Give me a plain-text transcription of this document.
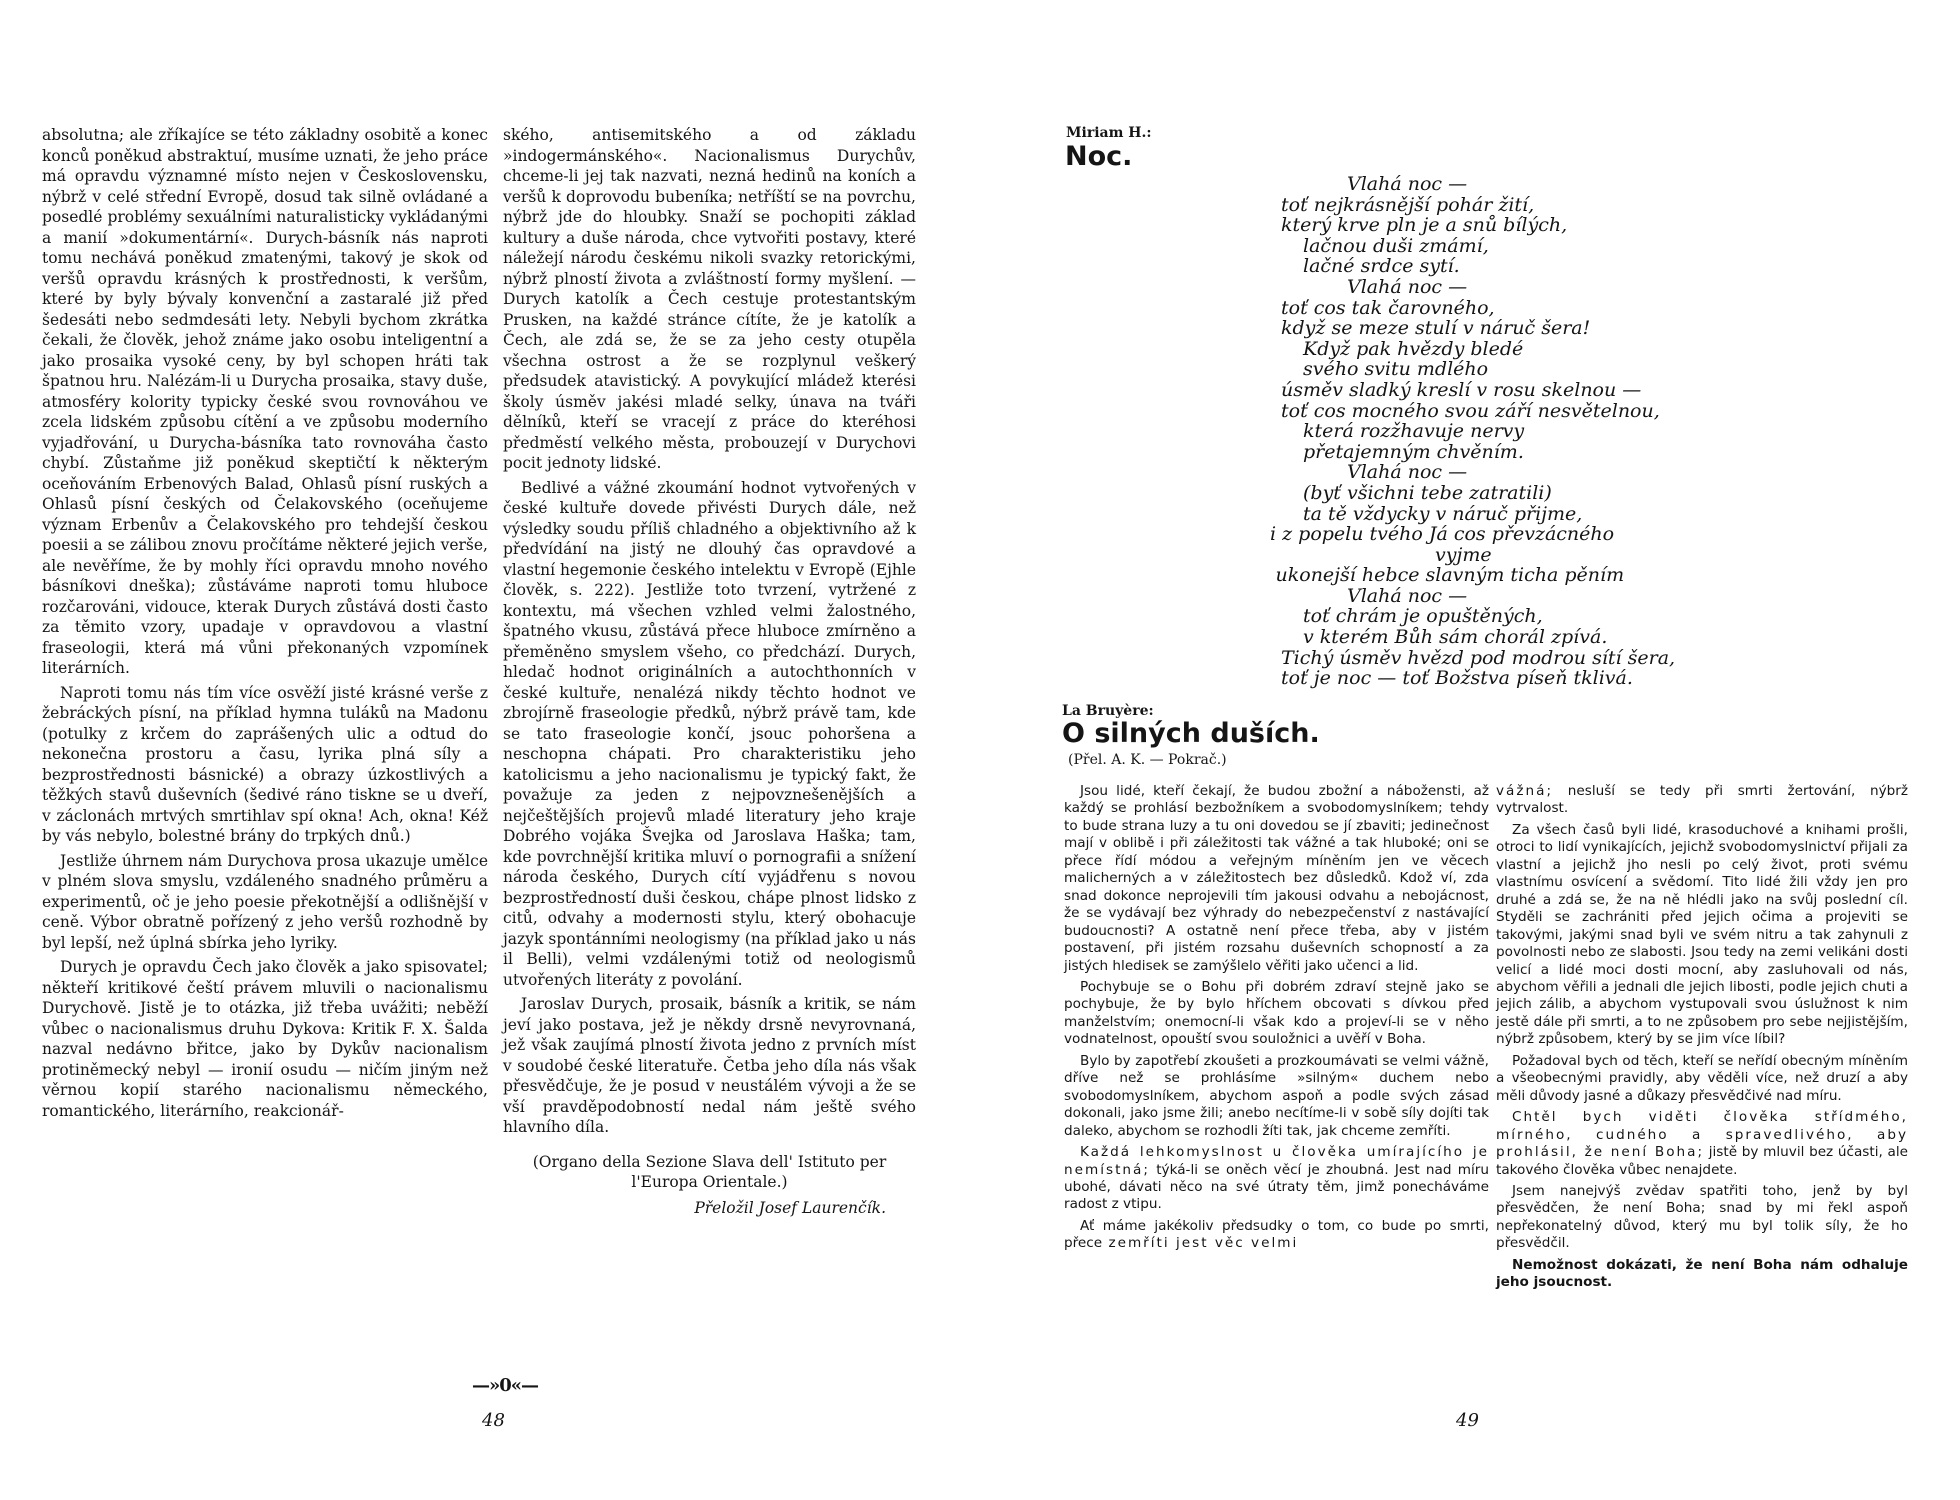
absolutna; ale zříkajíce se této základny osobitě a konec konců poněkud abstraktuí, musíme uznati, že jeho práce má opravdu významné místo nejen v Československu, nýbrž v celé střední Evropě, dosud tak silně ovládané a posedlé problémy sexuálními naturalisticky vykládanými a manií »dokumentární«. Durych-básník nás naproti tomu nechává poněkud zmatenými, takový je skok od veršů opravdu krásných k prostřednosti, k veršům, které by byly bývaly konvenční a zastaralé již před šedesáti nebo sedmdesáti lety. Nebyli bychom zkrátka čekali, že člověk, jehož známe jako osobu inteligentní a jako prosaika vysoké ceny, by byl schopen hráti tak špatnou hru. Nalézám-li u Durycha prosaika, stavy duše, atmosféry kolority typicky české svou rovnováhou ve zcela lidském způsobu cítění a ve způsobu moderního vyjadřování, u Durycha-básníka tato rovnováha často chybí. Zůstaňme již poněkud skeptičtí k některým oceňováním Erbenových Balad, Ohlasů písní ruských a Ohlasů písní českých od Čelakovského (oceňujeme význam Erbenův a Čelakovského pro tehdejší českou poesii a se zálibou znovu pročítáme některé jejich verše, ale nevěříme, že by mohly říci opravdu mnoho nového básníkovi dneška); zůstáváme naproti tomu hluboce rozčarováni, vidouce, kterak Durych zůstává dosti často za těmito vzory, upadaje v opravdovou a vlastní fraseologii, která má vůni překonaných vzpomínek literárních.

Naproti tomu nás tím více osvěží jisté krásné verše z žebráckých písní, na příklad hymna tuláků na Madonu (potulky z krčem do zaprášených ulic a odtud do nekonečna prostoru a času, lyrika plná síly a bezprostřednosti básnické) a obrazy úzkostlivých a těžkých stavů duševních (šedivé ráno tiskne se u dveří, v záclonách mrtvých smrtihlav spí okna! Ach, okna! Kéž by vás nebylo, bolestné brány do trpkých dnů.)

Jestliže úhrnem nám Durychova prosa ukazuje umělce v plném slova smyslu, vzdáleného snadného průměru a experimentů, oč je jeho poesie překotnější a odlišnější v ceně. Výbor obratně pořízený z jeho veršů rozhodně by byl lepší, než úplná sbírka jeho lyriky.

Durych je opravdu Čech jako člověk a jako spisovatel; někteří kritikové čeští právem mluvili o nacionalismu Durychově. Jistě je to otázka, již třeba uvážiti; neběží vůbec o nacionalismus druhu Dykova: Kritik F. X. Šalda nazval nedávno břitce, jako by Dykův nacionalism protiněmecký nebyl — ironií osudu — ničím jiným než věrnou kopií starého nacionalismu německého, romantického, literárního, reakcionář-

ského, antisemitského a od základu »indogermánského«. Nacionalismus Durychův, chceme-li jej tak nazvati, nezná hedinů na koních a veršů k doprovodu bubeníka; netříští se na povrchu, nýbrž jde do hloubky. Snaží se pochopiti základ kultury a duše národa, chce vytvořiti postavy, které náležejí národu českému nikoli svazky retorickými, nýbrž plností života a zvláštností formy myšlení. — Durych katolík a Čech cestuje protestantským Prusken, na každé stránce cítíte, že je katolík a Čech, ale zdá se, že se za jeho cesty otupěla všechna ostrost a že se rozplynul veškerý předsudek atavistický. A povykující mládež kterési školy úsměv jakési mladé selky, únava na tváři dělníků, kteří se vracejí z práce do kteréhosi předměstí velkého města, probouzejí v Durychovi pocit jednoty lidské.

Bedlivé a vážné zkoumání hodnot vytvořených v české kultuře dovede přivésti Durych dále, než výsledky soudu příliš chladného a objektivního až k předvídání na jistý ne dlouhý čas opravdové a vlastní hegemonie českého intelektu v Evropě (Ejhle člověk, s. 222). Jestliže toto tvrzení, vytržené z kontextu, má všechen vzhled velmi žalostného, špatného vkusu, zůstává přece hluboce zmírněno a přeměněno smyslem všeho, co předchází. Durych, hledač hodnot originálních a autochthonních v české kultuře, nenalézá nikdy těchto hodnot ve zbrojírně fraseologie předků, nýbrž právě tam, kde se tato fraseologie končí, jsouc pohoršena a neschopna chápati. Pro charakteristiku jeho katolicismu a jeho nacionalismu je typický fakt, že považuje za jeden z nejpovznešenějších a nejčeštějších projevů mladé literatury jeho kraje Dobrého vojáka Švejka od Jaroslava Haška; tam, kde povrchnější kritika mluví o pornografii a snížení národa českého, Durych cítí vyjádřenu s novou bezprostředností duši českou, chápe plnost lidsko z citů, odvahy a modernosti stylu, který obohacuje jazyk spontánními neologismy (na příklad jako u nás il Belli), velmi vzdálenými totiž od neologismů utvořených literáty z povolání.

Jaroslav Durych, prosaik, básník a kritik, se nám jeví jako postava, jež je někdy drsně nevyrovnaná, jež však zaujímá plností života jedno z prvních míst v soudobé české literatuře. Četba jeho díla nás však přesvědčuje, že je posud v neustálém vývoji a že se vší pravděpodobností nedal nám ještě svého hlavního díla.

(Organo della Sezione Slava dell' Istituto per
l'Europa Orientale.)
Přeložil Josef Laurenčík.
—»0«—
48
Miriam H.:
Noc.
Vlahá noc —
toť nejkrásnější pohár žití,
který krve pln je a snů bílých,
lačnou duši zmámí,
lačné srdce sytí.
Vlahá noc —
toť cos tak čarovného,
když se meze stulí v náruč šera!
Když pak hvězdy bledé
svého svitu mdlého
úsměv sladký kreslí v rosu skelnou —
toť cos mocného svou září nesvětelnou,
která rozžhavuje nervy
přetajemným chvěním.
Vlahá noc —
(byť všichni tebe zatratili)
ta tě vždycky v náruč přijme,
i z popelu tvého Já cos převzácného
vyjme
ukonejší hebce slavným ticha pěním
Vlahá noc —
toť chrám je opuštěných,
v kterém Bůh sám chorál zpívá.
Tichý úsměv hvězd pod modrou sítí šera,
toť je noc — toť Božstva píseň tklivá.
La Bruyère:
O silných duších.
(Přel. A. K. — Pokrač.)

Jsou lidé, kteří čekají, že budou zbožní a nábožensti, až každý se prohlásí bezbožníkem a svobodomyslníkem; tehdy to bude strana luzy a tu oni dovedou se jí zbaviti; jedinečnost mají v oblibě i při záležitosti tak vážné a tak hluboké; oni se přece řídí módou a veřejným míněním jen ve věcech malicherných a v záležitostech bez důsledků. Kdož ví, zda snad dokonce neprojevili tím jakousi odvahu a nebojácnost, že se vydávají bez výhrady do nebezpečenství z nastávající budoucnosti? A ostatně není přece třeba, aby v jistém postavení, při jistém rozsahu duševních schopností a za jistých hledisek se zamýšlelo věřiti jako učenci a lid.

Pochybuje se o Bohu při dobrém zdraví stejně jako se pochybuje, že by bylo hříchem obcovati s dívkou před manželstvím; onemocní-li však kdo a projeví-li se v něho vodnatelnost, opouští svou souložnici a uvěří v Boha.

Bylo by zapotřebí zkoušeti a prozkoumávati se velmi vážně, dříve než se prohlásíme »silným« duchem nebo svobodomyslníkem, abychom aspoň a podle svých zásad dokonali, jako jsme žili; anebo necítíme-li v sobě síly dojíti tak daleko, abychom se rozhodli žíti tak, jak chceme zemříti.

Každá lehkomyslnost u člověka umírajícího je nemístná; týká-li se oněch věcí je zhoubná. Jest nad míru ubohé, dávati něco na své útraty těm, jimž ponecháváme radost z vtipu.

Ať máme jakékoliv předsudky o tom, co bude po smrti, přece zemříti jest věc velmi

vážná; nesluší se tedy při smrti žertování, nýbrž vytrvalost.

Za všech časů byli lidé, krasoduchové a knihami prošli, otroci to lidí vynikajících, jejichž svobodomyslnictví přijali za vlastní a jejichž jho nesli po celý život, proti svému vlastnímu osvícení a svědomí. Tito lidé žili vždy jen pro druhé a zdá se, že na ně hlédli jako na svůj poslední cíl. Styděli se zachrániti před jejich očima a projeviti se takovými, jakými snad byli ve svém nitru a tak zahynuli z povolnosti nebo ze slabosti. Jsou tedy na zemi velikáni dosti velicí a lidé moci dosti mocní, aby zasluhovali od nás, abychom věřili a jednali dle jejich libosti, podle jejich chuti a jejich zálib, a abychom vystupovali svou úslužnost k nim jestě dále při smrti, a to ne způsobem pro sebe nejjistějším, nýbrž způsobem, který by se jim více líbil?

Požadoval bych od těch, kteří se neřídí obecným míněním a všeobecnými pravidly, aby věděli více, než druzí a aby měli důvody jasné a důkazy přesvědčivé nad míru.

Chtěl bych viděti člověka střídmého, mírného, cudného a spravedlivého, aby prohlásil, že není Boha; jistě by mluvil bez účasti, ale takového člověka vůbec nenajdete.

Jsem nanejvýš zvědav spatřiti toho, jenž by byl přesvědčen, že není Boha; snad by mi řekl aspoň nepřekonatelný důvod, který mu byl tolik síly, že ho přesvědčil.

Nemožnost dokázati, že není Boha nám odhaluje jeho jsoucnost.

49
